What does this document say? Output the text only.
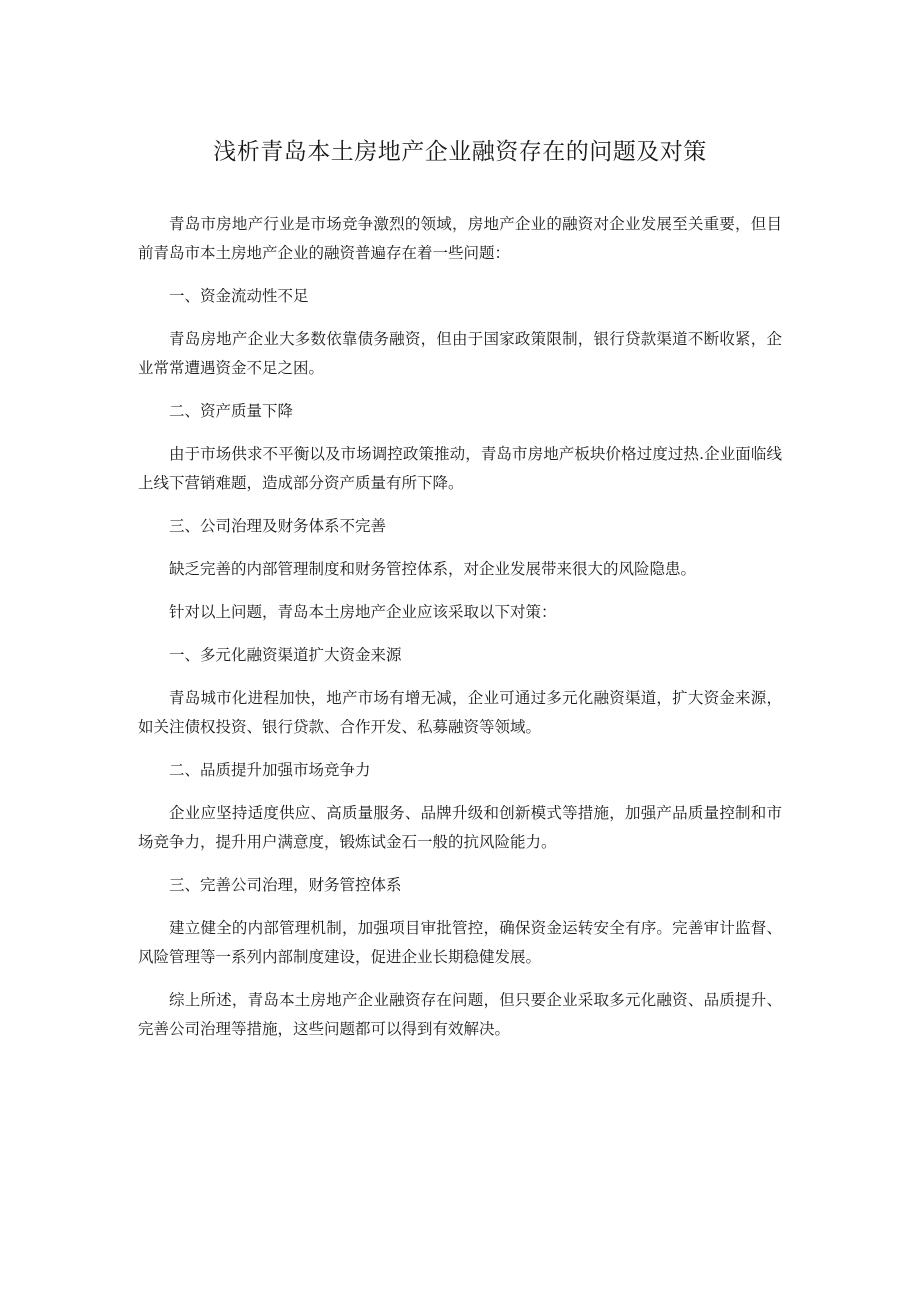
浅析青岛本土房地产企业融资存在的问题及对策

青岛市房地产行业是市场竞争激烈的领域，房地产企业的融资对企业发展至关重要，但目前青岛市本土房地产企业的融资普遍存在着一些问题：

一、资金流动性不足

青岛房地产企业大多数依靠债务融资，但由于国家政策限制，银行贷款渠道不断收紧，企业常常遭遇资金不足之困。

二、资产质量下降

由于市场供求不平衡以及市场调控政策推动，青岛市房地产板块价格过度过热.企业面临线上线下营销难题，造成部分资产质量有所下降。

三、公司治理及财务体系不完善

缺乏完善的内部管理制度和财务管控体系，对企业发展带来很大的风险隐患。

针对以上问题，青岛本土房地产企业应该采取以下对策：

一、多元化融资渠道扩大资金来源

青岛城市化进程加快，地产市场有增无减，企业可通过多元化融资渠道，扩大资金来源，如关注债权投资、银行贷款、合作开发、私募融资等领域。

二、品质提升加强市场竞争力

企业应坚持适度供应、高质量服务、品牌升级和创新模式等措施，加强产品质量控制和市场竞争力，提升用户满意度，锻炼试金石一般的抗风险能力。

三、完善公司治理，财务管控体系

建立健全的内部管理机制，加强项目审批管控，确保资金运转安全有序。完善审计监督、风险管理等一系列内部制度建设，促进企业长期稳健发展。

综上所述，青岛本土房地产企业融资存在问题，但只要企业采取多元化融资、品质提升、完善公司治理等措施，这些问题都可以得到有效解决。
